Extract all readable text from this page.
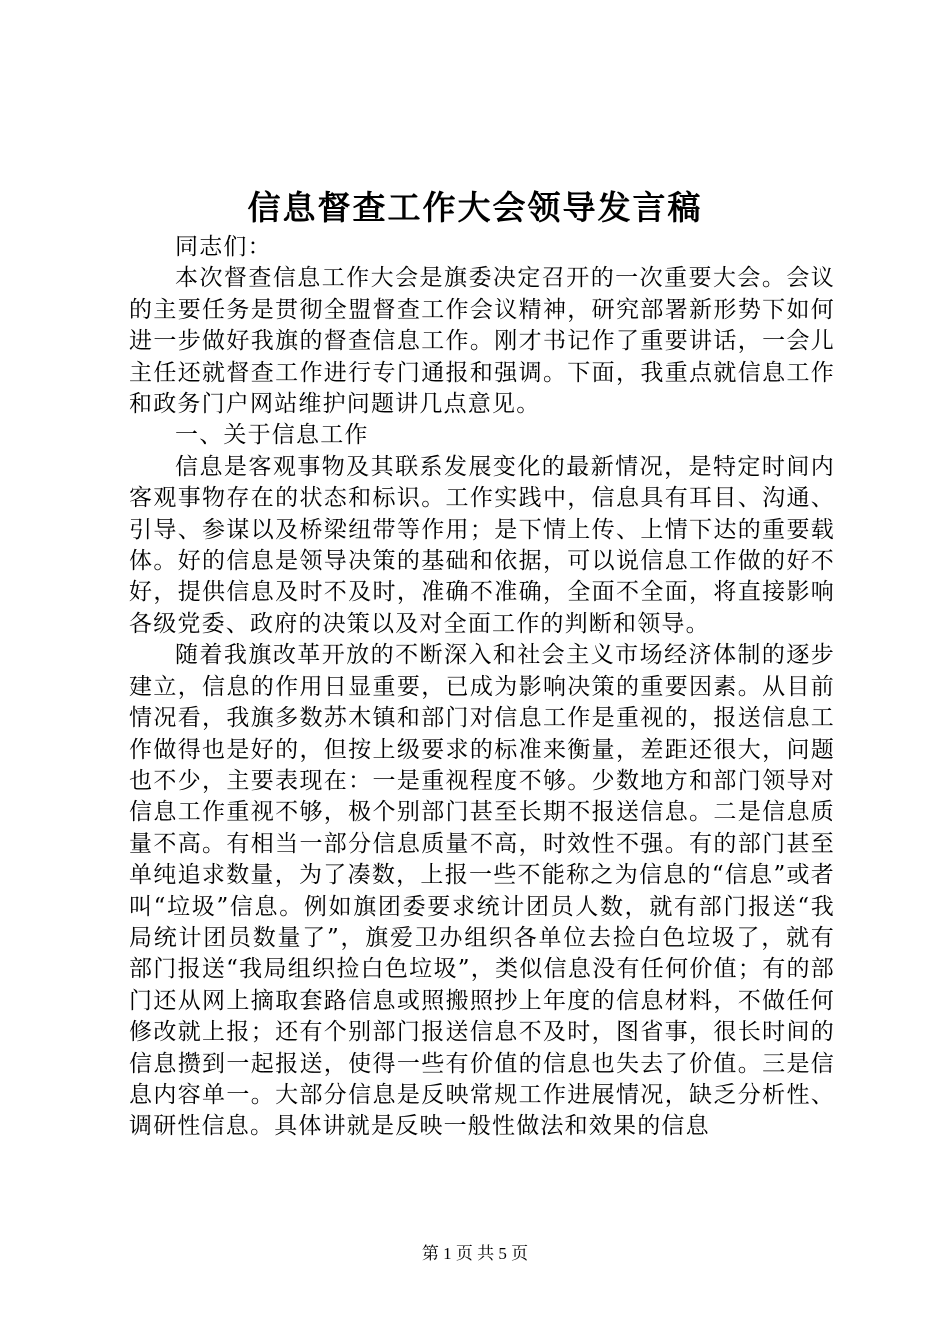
信息督查工作大会领导发言稿

同志们：

本次督查信息工作大会是旗委决定召开的一次重要大会。会议的主要任务是贯彻全盟督查工作会议精神，研究部署新形势下如何进一步做好我旗的督查信息工作。刚才书记作了重要讲话，一会儿主任还就督查工作进行专门通报和强调。下面，我重点就信息工作和政务门户网站维护问题讲几点意见。

一、关于信息工作

信息是客观事物及其联系发展变化的最新情况，是特定时间内客观事物存在的状态和标识。工作实践中，信息具有耳目、沟通、引导、参谋以及桥梁纽带等作用；是下情上传、上情下达的重要载体。好的信息是领导决策的基础和依据，可以说信息工作做的好不好，提供信息及时不及时，准确不准确，全面不全面，将直接影响各级党委、政府的决策以及对全面工作的判断和领导。

随着我旗改革开放的不断深入和社会主义市场经济体制的逐步建立，信息的作用日显重要，已成为影响决策的重要因素。从目前情况看，我旗多数苏木镇和部门对信息工作是重视的，报送信息工作做得也是好的，但按上级要求的标准来衡量，差距还很大，问题也不少，主要表现在：一是重视程度不够。少数地方和部门领导对信息工作重视不够，极个别部门甚至长期不报送信息。二是信息质量不高。有相当一部分信息质量不高，时效性不强。有的部门甚至单纯追求数量，为了凑数，上报一些不能称之为信息的“信息”或者叫“垃圾”信息。例如旗团委要求统计团员人数，就有部门报送“我局统计团员数量了”，旗爱卫办组织各单位去捡白色垃圾了，就有部门报送“我局组织捡白色垃圾”，类似信息没有任何价值；有的部门还从网上摘取套路信息或照搬照抄上年度的信息材料，不做任何修改就上报；还有个别部门报送信息不及时，图省事，很长时间的信息攒到一起报送，使得一些有价值的信息也失去了价值。三是信息内容单一。大部分信息是反映常规工作进展情况，缺乏分析性、调研性信息。具体讲就是反映一般性做法和效果的信息

第 1 页 共 5 页
